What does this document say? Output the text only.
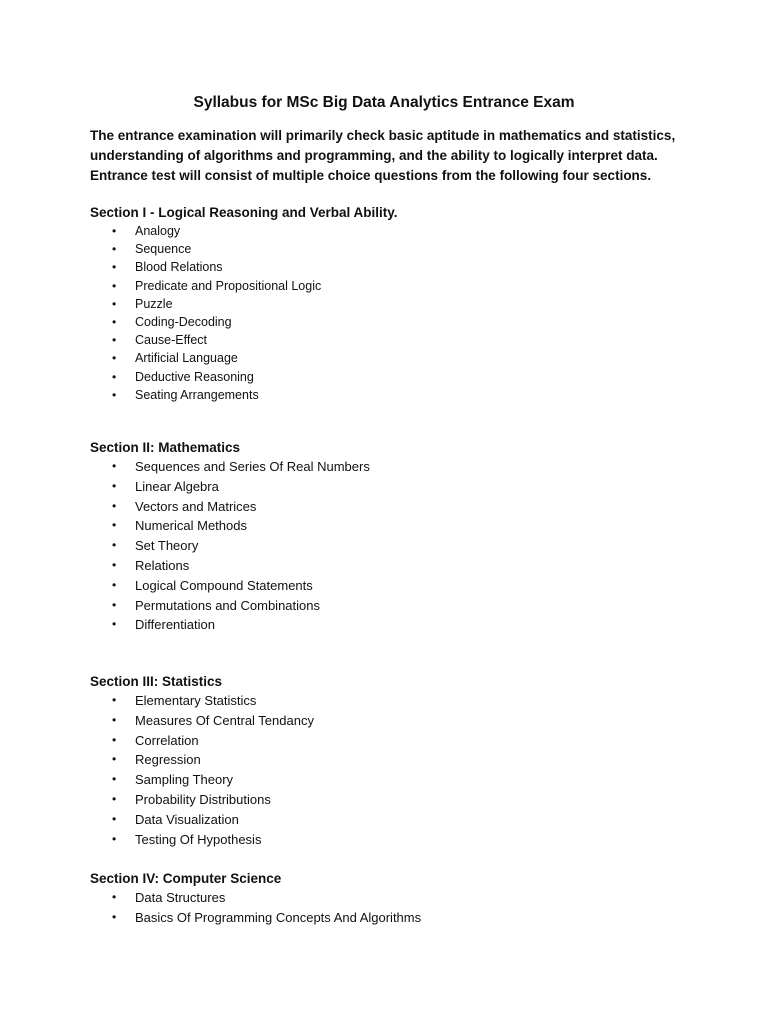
Syllabus for MSc Big Data Analytics Entrance Exam

The entrance examination will primarily check basic aptitude in mathematics and statistics,
understanding of algorithms and programming, and the ability to logically interpret data.
Entrance test will consist of multiple choice questions from the following four sections.

Section I - Logical Reasoning and Verbal Ability.
• Analogy
• Sequence
• Blood Relations
• Predicate and Propositional Logic
• Puzzle
• Coding-Decoding
• Cause-Effect
• Artificial Language
• Deductive Reasoning
• Seating Arrangements
Section II: Mathematics
• Sequences and Series Of Real Numbers
• Linear Algebra
• Vectors and Matrices
• Numerical Methods
• Set Theory
• Relations
• Logical Compound Statements
• Permutations and Combinations
• Differentiation
Section III: Statistics
• Elementary Statistics
• Measures Of Central Tendancy
• Correlation
• Regression
• Sampling Theory
• Probability Distributions
• Data Visualization
• Testing Of Hypothesis
Section IV: Computer Science
• Data Structures
• Basics Of Programming Concepts And Algorithms
